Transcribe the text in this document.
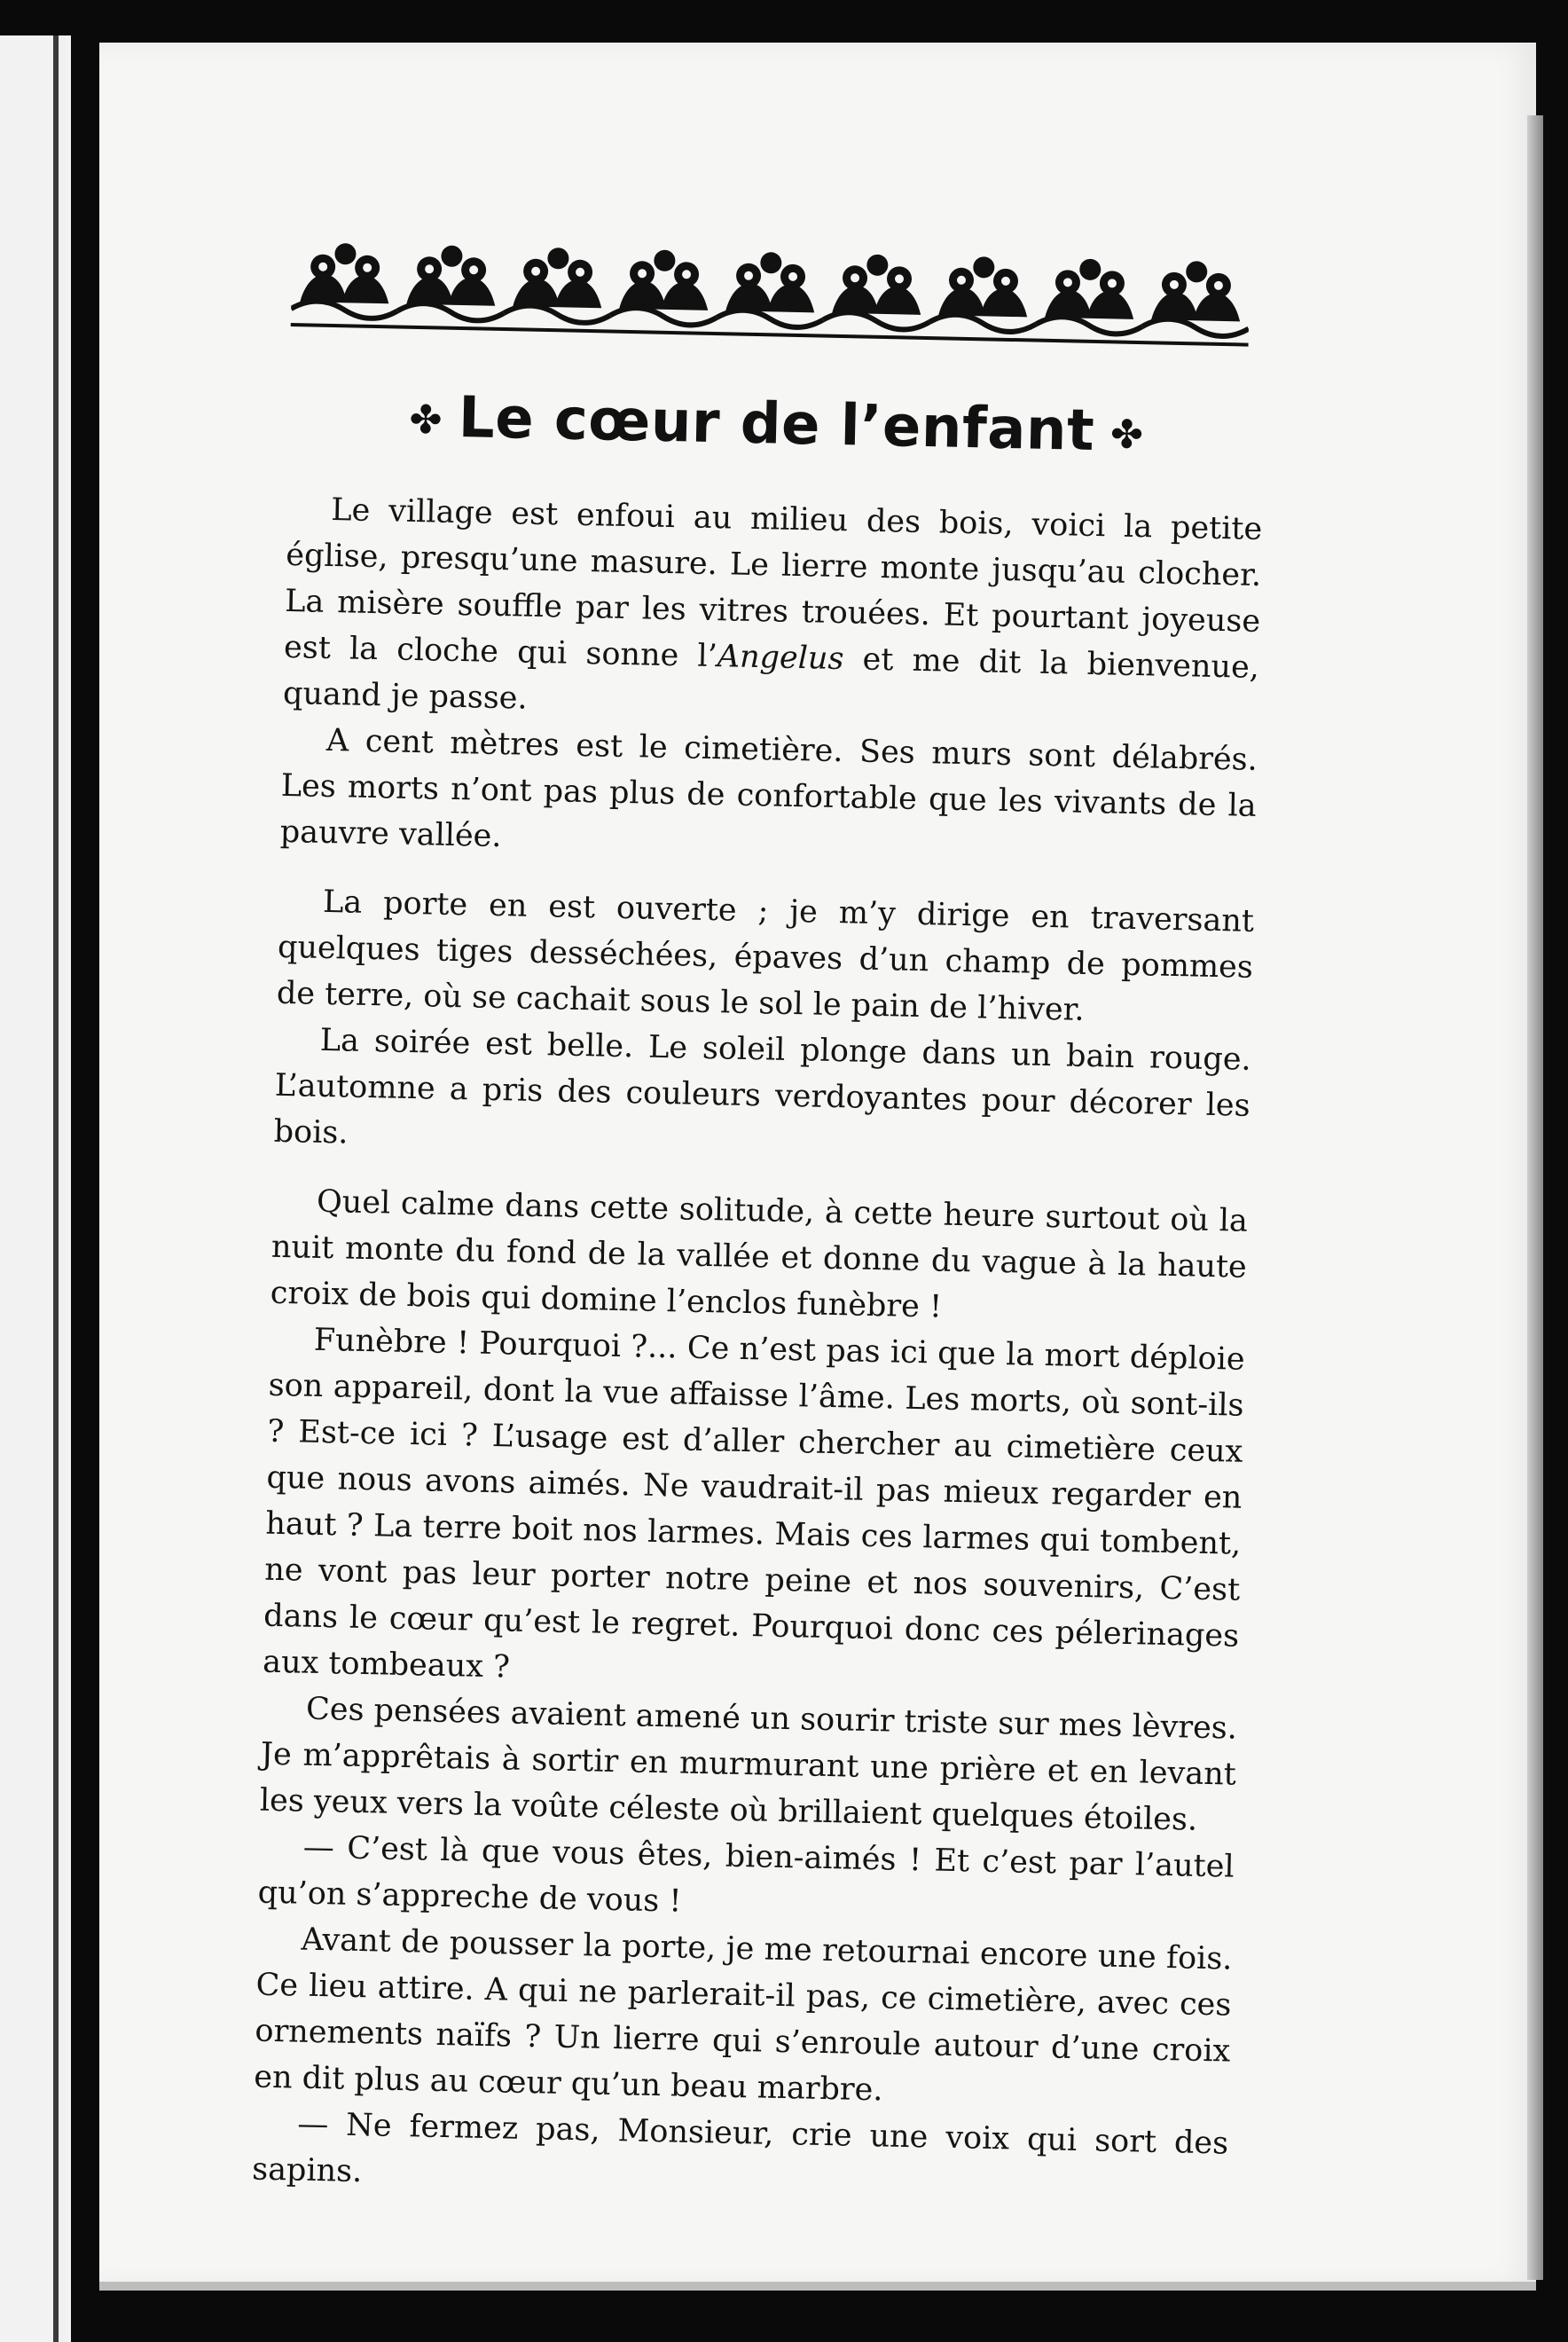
✤ Le cœur de l’enfant ✤

Le village est enfoui au milieu des bois, voici la petite église, presqu’une masure. Le lierre monte jusqu’au clocher. La misère souffle par les vitres trouées. Et pourtant joyeuse est la cloche qui sonne l’Angelus et me dit la bienvenue, quand je passe.

A cent mètres est le cimetière. Ses murs sont délabrés. Les morts n’ont pas plus de confortable que les vivants de la pauvre vallée.

La porte en est ouverte ; je m’y dirige en traversant quelques tiges desséchées, épaves d’un champ de pommes de terre, où se cachait sous le sol le pain de l’hiver.

La soirée est belle. Le soleil plonge dans un bain rouge. L’automne a pris des couleurs verdoyantes pour décorer les bois.

Quel calme dans cette solitude, à cette heure surtout où la nuit monte du fond de la vallée et donne du vague à la haute croix de bois qui domine l’enclos funèbre !

Funèbre ! Pourquoi ?... Ce n’est pas ici que la mort déploie son appareil, dont la vue affaisse l’âme. Les morts, où sont-ils ? Est-ce ici ? L’usage est d’aller chercher au cimetière ceux que nous avons aimés. Ne vaudrait-il pas mieux regarder en haut ? La terre boit nos larmes. Mais ces larmes qui tombent, ne vont pas leur porter notre peine et nos souvenirs, C’est dans le cœur qu’est le regret. Pourquoi donc ces pélerinages aux tombeaux ?

Ces pensées avaient amené un sourir triste sur mes lèvres. Je m’apprêtais à sortir en murmurant une prière et en levant les yeux vers la voûte céleste où brillaient quelques étoiles.

— C’est là que vous êtes, bien-aimés ! Et c’est par l’autel qu’on s’appreche de vous !

Avant de pousser la porte, je me retournai encore une fois. Ce lieu attire. A qui ne parlerait-il pas, ce cimetière, avec ces ornements naïfs ? Un lierre qui s’enroule autour d’une croix en dit plus au cœur qu’un beau marbre.

— Ne fermez pas, Monsieur, crie une voix qui sort des sapins.
